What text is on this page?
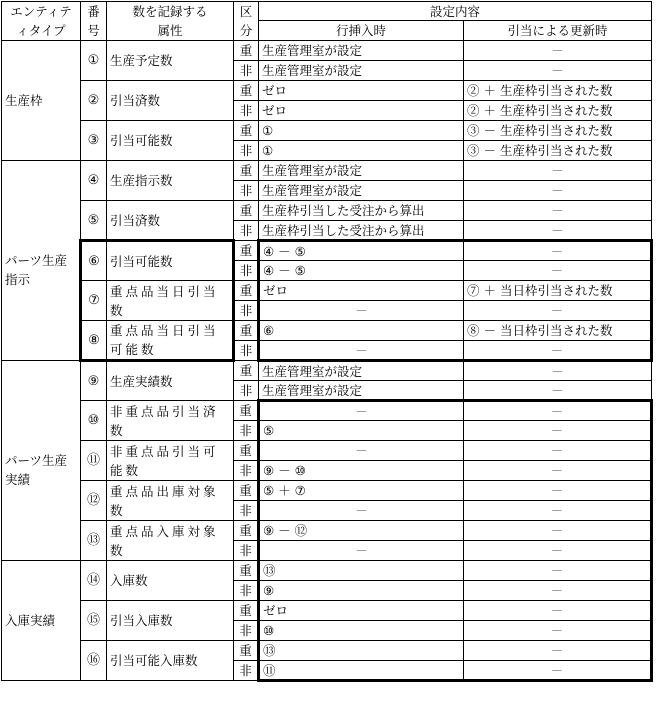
エンティティタイプ	番号	数を記録する属性	区分	設定内容	
				行挿入時	引当による更新時
生産枠	①	生産予定数	重	生産管理室が設定	－
			非	生産管理室が設定	－
	②	引当済数	重	ゼロ	② ＋ 生産枠引当された数
			非	ゼロ	② ＋ 生産枠引当された数
	③	引当可能数	重	①	③ － 生産枠引当された数
			非	①	③ － 生産枠引当された数
パーツ生産指示	④	生産指示数	重	生産管理室が設定	－
			非	生産管理室が設定	－
	⑤	引当済数	重	生産枠引当した受注から算出	－
			非	生産枠引当した受注から算出	－
	⑥	引当可能数	重	④ － ⑤	－
			非	④ － ⑤	－
	⑦	重点品当日引当数	重	ゼロ	⑦ ＋ 当日枠引当された数
			非	－	－
	⑧	重点品当日引当可能数	重	⑥	⑧ － 当日枠引当された数
			非	－	－
パーツ生産実績	⑨	生産実績数	重	生産管理室が設定	－
			非	生産管理室が設定	－
	⑩	非重点品引当済数	重	－	－
			非	⑤	－
	⑪	非重点品引当可能数	重	－	－
			非	⑨ － ⑩	－
	⑫	重点品出庫対象数	重	⑤ ＋ ⑦	－
			非	－	－
	⑬	重点品入庫対象数	重	⑨ － ⑫	－
			非	－	－
入庫実績	⑭	入庫数	重	⑬	－
			非	⑨	－
	⑮	引当入庫数	重	ゼロ	－
			非	⑩	－
	⑯	引当可能入庫数	重	⑬	－
			非	⑪	－
